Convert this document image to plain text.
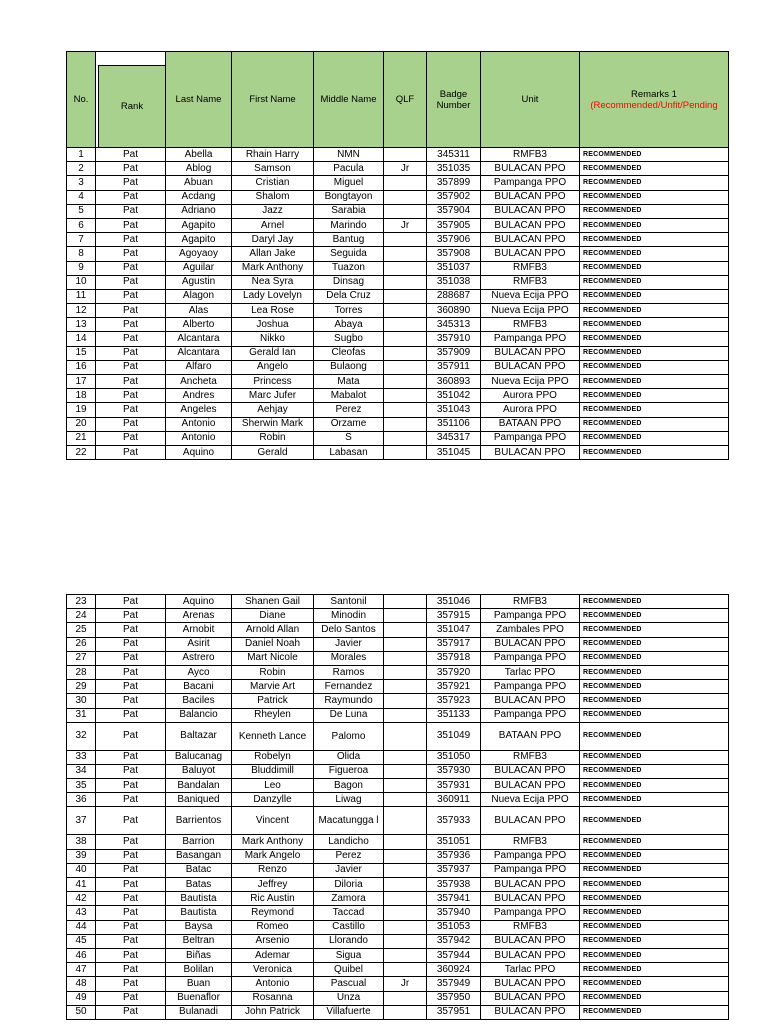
No.	Rank	Last Name	First Name	Middle Name	QLF	Badge Number	Unit	Remarks 1
(Recommended/Unfit/Pending

1	Pat	Abella	Rhain Harry	NMN		345311	RMFB3	RECOMMENDED
2	Pat	Ablog	Samson	Pacula	Jr	351035	BULACAN PPO	RECOMMENDED
3	Pat	Abuan	Cristian	Miguel		357899	Pampanga PPO	RECOMMENDED
4	Pat	Acdang	Shalom	Bongtayon		357902	BULACAN PPO	RECOMMENDED
5	Pat	Adriano	Jazz	Sarabia		357904	BULACAN PPO	RECOMMENDED
6	Pat	Agapito	Arnel	Marindo	Jr	357905	BULACAN PPO	RECOMMENDED
7	Pat	Agapito	Daryl Jay	Bantug		357906	BULACAN PPO	RECOMMENDED
8	Pat	Agoyaoy	Allan Jake	Seguida		357908	BULACAN PPO	RECOMMENDED
9	Pat	Aguilar	Mark Anthony	Tuazon		351037	RMFB3	RECOMMENDED
10	Pat	Agustin	Nea Syra	Dinsag		351038	RMFB3	RECOMMENDED
11	Pat	Alagon	Lady Lovelyn	Dela Cruz		288687	Nueva Ecija PPO	RECOMMENDED
12	Pat	Alas	Lea Rose	Torres		360890	Nueva Ecija PPO	RECOMMENDED
13	Pat	Alberto	Joshua	Abaya		345313	RMFB3	RECOMMENDED
14	Pat	Alcantara	Nikko	Sugbo		357910	Pampanga PPO	RECOMMENDED
15	Pat	Alcantara	Gerald Ian	Cleofas		357909	BULACAN PPO	RECOMMENDED
16	Pat	Alfaro	Angelo	Bulaong		357911	BULACAN PPO	RECOMMENDED
17	Pat	Ancheta	Princess	Mata		360893	Nueva Ecija PPO	RECOMMENDED
18	Pat	Andres	Marc Jufer	Mabalot		351042	Aurora PPO	RECOMMENDED
19	Pat	Angeles	Aehjay	Perez		351043	Aurora PPO	RECOMMENDED
20	Pat	Antonio	Sherwin Mark	Orzame		351106	BATAAN PPO	RECOMMENDED
21	Pat	Antonio	Robin	S		345317	Pampanga PPO	RECOMMENDED
22	Pat	Aquino	Gerald	Labasan		351045	BULACAN PPO	RECOMMENDED
23	Pat	Aquino	Shanen Gail	Santonil		351046	RMFB3	RECOMMENDED
24	Pat	Arenas	Diane	Minodin		357915	Pampanga PPO	RECOMMENDED
25	Pat	Arnobit	Arnold Allan	Delo Santos		351047	Zambales PPO	RECOMMENDED
26	Pat	Asirit	Daniel Noah	Javier		357917	BULACAN PPO	RECOMMENDED
27	Pat	Astrero	Mart Nicole	Morales		357918	Pampanga PPO	RECOMMENDED
28	Pat	Ayco	Robin	Ramos		357920	Tarlac PPO	RECOMMENDED
29	Pat	Bacani	Marvie Art	Fernandez		357921	Pampanga PPO	RECOMMENDED
30	Pat	Baciles	Patrick	Raymundo		357923	BULACAN PPO	RECOMMENDED
31	Pat	Balancio	Rheylen	De Luna		351133	Pampanga PPO	RECOMMENDED
32	Pat	Baltazar	Kenneth Lance	Palomo		351049	BATAAN PPO	RECOMMENDED
33	Pat	Balucanag	Robelyn	Olida		351050	RMFB3	RECOMMENDED
34	Pat	Baluyot	Bluddimill	Figueroa		357930	BULACAN PPO	RECOMMENDED
35	Pat	Bandalan	Leo	Bagon		357931	BULACAN PPO	RECOMMENDED
36	Pat	Baniqued	Danzylle	Liwag		360911	Nueva Ecija PPO	RECOMMENDED
37	Pat	Barrientos	Vincent	Macatungga l		357933	BULACAN PPO	RECOMMENDED
38	Pat	Barrion	Mark Anthony	Landicho		351051	RMFB3	RECOMMENDED
39	Pat	Basangan	Mark Angelo	Perez		357936	Pampanga PPO	RECOMMENDED
40	Pat	Batac	Renzo	Javier		357937	Pampanga PPO	RECOMMENDED
41	Pat	Batas	Jeffrey	Diloria		357938	BULACAN PPO	RECOMMENDED
42	Pat	Bautista	Ric Austin	Zamora		357941	BULACAN PPO	RECOMMENDED
43	Pat	Bautista	Reymond	Taccad		357940	Pampanga PPO	RECOMMENDED
44	Pat	Baysa	Romeo	Castillo		351053	RMFB3	RECOMMENDED
45	Pat	Beltran	Arsenio	Llorando		357942	BULACAN PPO	RECOMMENDED
46	Pat	Biñas	Ademar	Sigua		357944	BULACAN PPO	RECOMMENDED
47	Pat	Bolilan	Veronica	Quibel		360924	Tarlac PPO	RECOMMENDED
48	Pat	Buan	Antonio	Pascual	Jr	357949	BULACAN PPO	RECOMMENDED
49	Pat	Buenaflor	Rosanna	Unza		357950	BULACAN PPO	RECOMMENDED
50	Pat	Bulanadi	John Patrick	Villafuerte		357951	BULACAN PPO	RECOMMENDED
